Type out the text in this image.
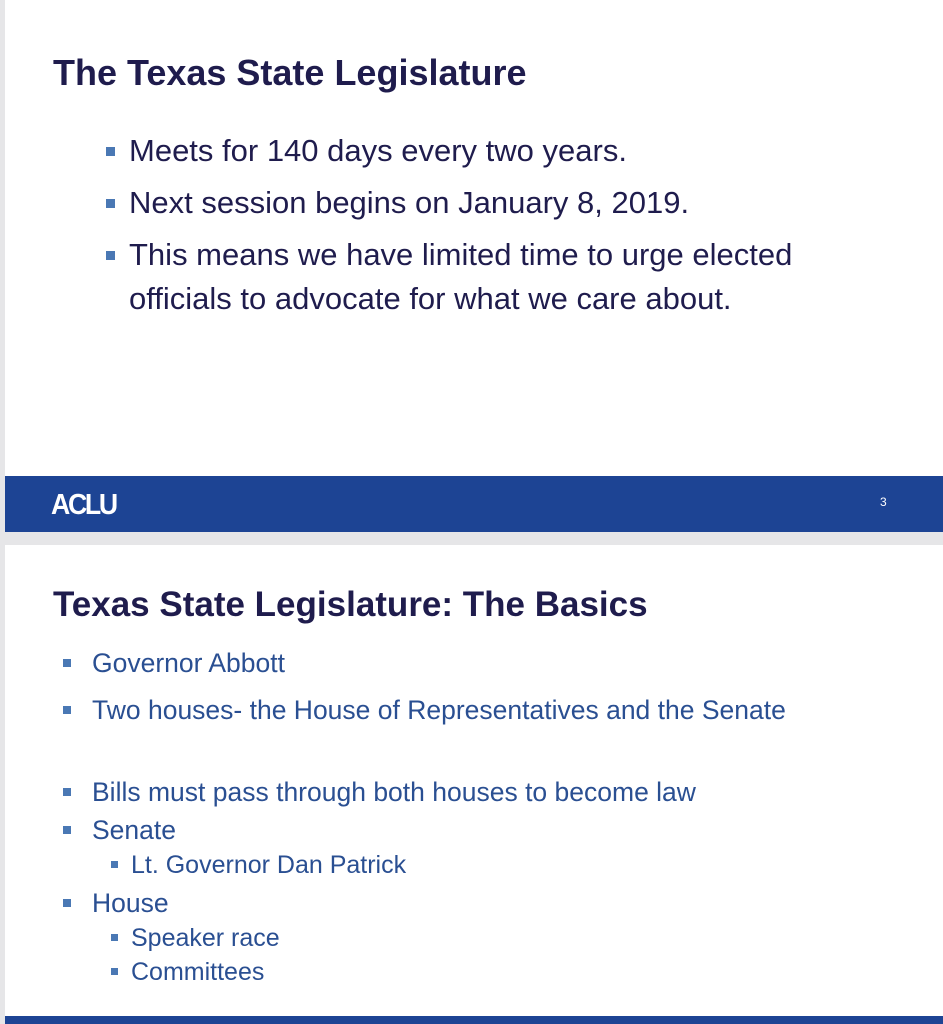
The Texas State Legislature
Meets for 140 days every two years.
Next session begins on January 8, 2019.
This means we have limited time to urge elected officials to advocate for what we care about.
ACLU	3
Texas State Legislature: The Basics
Governor Abbott
Two houses- the House of Representatives and the Senate
Bills must pass through both houses to become law
Senate
Lt. Governor Dan Patrick
House
Speaker race
Committees
